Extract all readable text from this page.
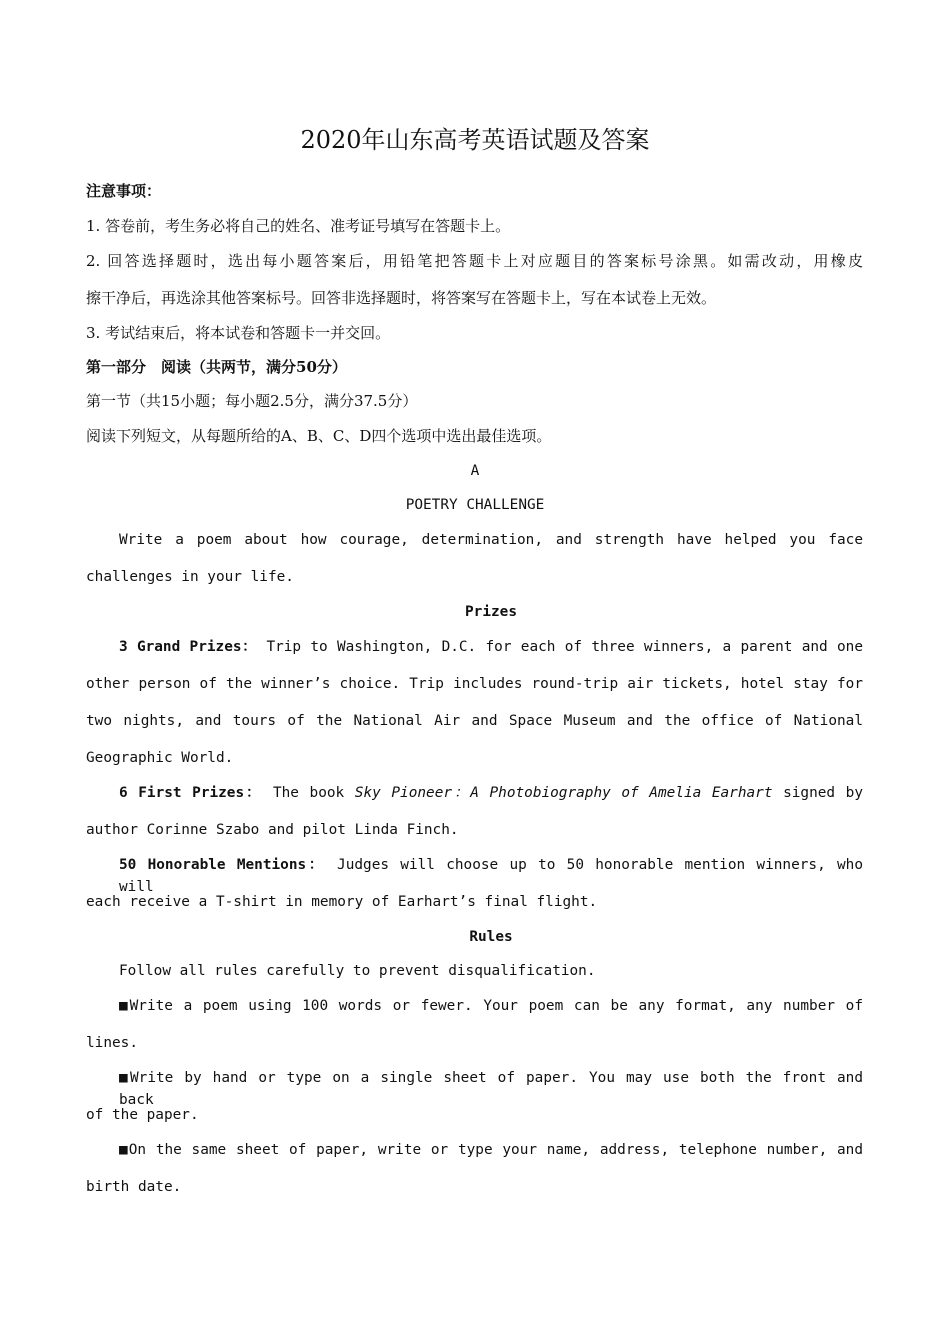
2020年山东高考英语试题及答案
注意事项：
1. 答卷前，考生务必将自己的姓名、准考证号填写在答题卡上。
2. 回答选择题时，选出每小题答案后，用铅笔把答题卡上对应题目的答案标号涂黑。如需改动，用橡皮
擦干净后，再选涂其他答案标号。回答非选择题时，将答案写在答题卡上，写在本试卷上无效。
3. 考试结束后，将本试卷和答题卡一并交回。
第一部分　阅读（共两节，满分50分）
第一节（共15小题；每小题2.5分，满分37.5分）
阅读下列短文，从每题所给的A、B、C、D四个选项中选出最佳选项。
A
POETRY CHALLENGE
Write a poem about how courage, determination, and strength have helped you face
challenges in your life.
Prizes
3 Grand Prizes： Trip to Washington, D.C. for each of three winners, a parent and one
other person of the winner’s choice. Trip includes round-trip air tickets, hotel stay for
two nights, and tours of the National Air and Space Museum and the office of National
Geographic World.
6 First Prizes： The book Sky Pioneer：A Photobiography of Amelia Earhart signed by
author Corinne Szabo and pilot Linda Finch.
50 Honorable Mentions： Judges will choose up to 50 honorable mention winners, who will
each receive a T-shirt in memory of Earhart’s final flight.
Rules
Follow all rules carefully to prevent disqualification.
■Write a poem using 100 words or fewer. Your poem can be any format, any number of
lines.
■Write by hand or type on a single sheet of paper. You may use both the front and back
of the paper.
■On the same sheet of paper, write or type your name, address, telephone number, and
birth date.
